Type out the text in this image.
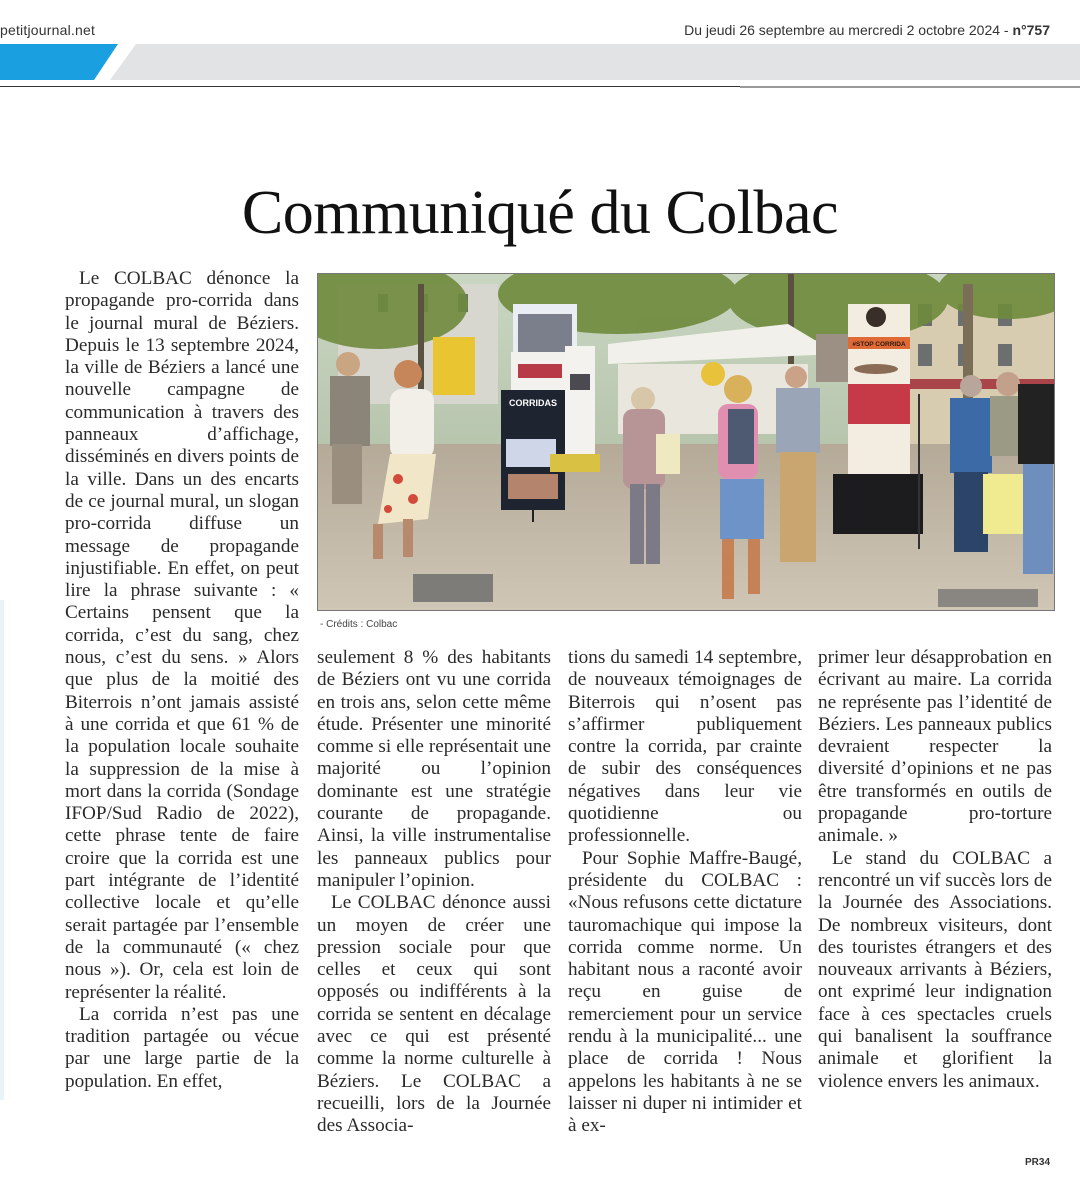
petitjournal.net	Du jeudi 26 septembre au mercredi 2 octobre 2024 - n°757
Communiqué du Colbac

Le COLBAC dénonce la propagande pro-corrida dans le journal mural de Béziers. Depuis le 13 septembre 2024, la ville de Béziers a lancé une nouvelle campagne de communication à travers des panneaux d’affichage, disséminés en divers points de la ville. Dans un des encarts de ce journal mural, un slogan pro-corrida diffuse un message de propagande injustifiable. En effet, on peut lire la phrase suivante : « Certains pensent que la corrida, c’est du sang, chez nous, c’est du sens. » Alors que plus de la moitié des Biterrois n’ont jamais assisté à une corrida et que 61 % de la population locale souhaite la suppression de la mise à mort dans la corrida (Sondage IFOP/Sud Radio de 2022), cette phrase tente de faire croire que la corrida est une part intégrante de l’identité collective locale et qu’elle serait partagée par l’ensemble de la communauté (« chez nous »). Or, cela est loin de représenter la réalité.

La corrida n’est pas une tradition partagée ou vécue par une large partie de la population. En effet,

CORRIDAS
#STOP CORRIDA
- Crédits : Colbac

seulement 8 % des habitants de Béziers ont vu une corrida en trois ans, selon cette même étude. Présenter une minorité comme si elle représentait une majorité ou l’opinion dominante est une stratégie courante de propagande. Ainsi, la ville instrumentalise les panneaux publics pour manipuler l’opinion.

Le COLBAC dénonce aussi un moyen de créer une pression sociale pour que celles et ceux qui sont opposés ou indifférents à la corrida se sentent en décalage avec ce qui est présenté comme la norme culturelle à Béziers. Le COLBAC a recueilli, lors de la Journée des Associa-

tions du samedi 14 septembre, de nouveaux témoignages de Biterrois qui n’osent pas s’affirmer publiquement contre la corrida, par crainte de subir des conséquences négatives dans leur vie quotidienne ou professionnelle.

Pour Sophie Maffre-Baugé, présidente du COLBAC : «Nous refusons cette dictature tauromachique qui impose la corrida comme norme. Un habitant nous a raconté avoir reçu en guise de remerciement pour un service rendu à la municipalité... une place de corrida ! Nous appelons les habitants à ne se laisser ni duper ni intimider et à ex-

primer leur désapprobation en écrivant au maire. La corrida ne représente pas l’identité de Béziers. Les panneaux publics devraient respecter la diversité d’opinions et ne pas être transformés en outils de propagande pro-torture animale. »

Le stand du COLBAC a rencontré un vif succès lors de la Journée des Associations. De nombreux visiteurs, dont des touristes étrangers et des nouveaux arrivants à Béziers, ont exprimé leur indignation face à ces spectacles cruels qui banalisent la souffrance animale et glorifient la violence envers les animaux.

PR34
